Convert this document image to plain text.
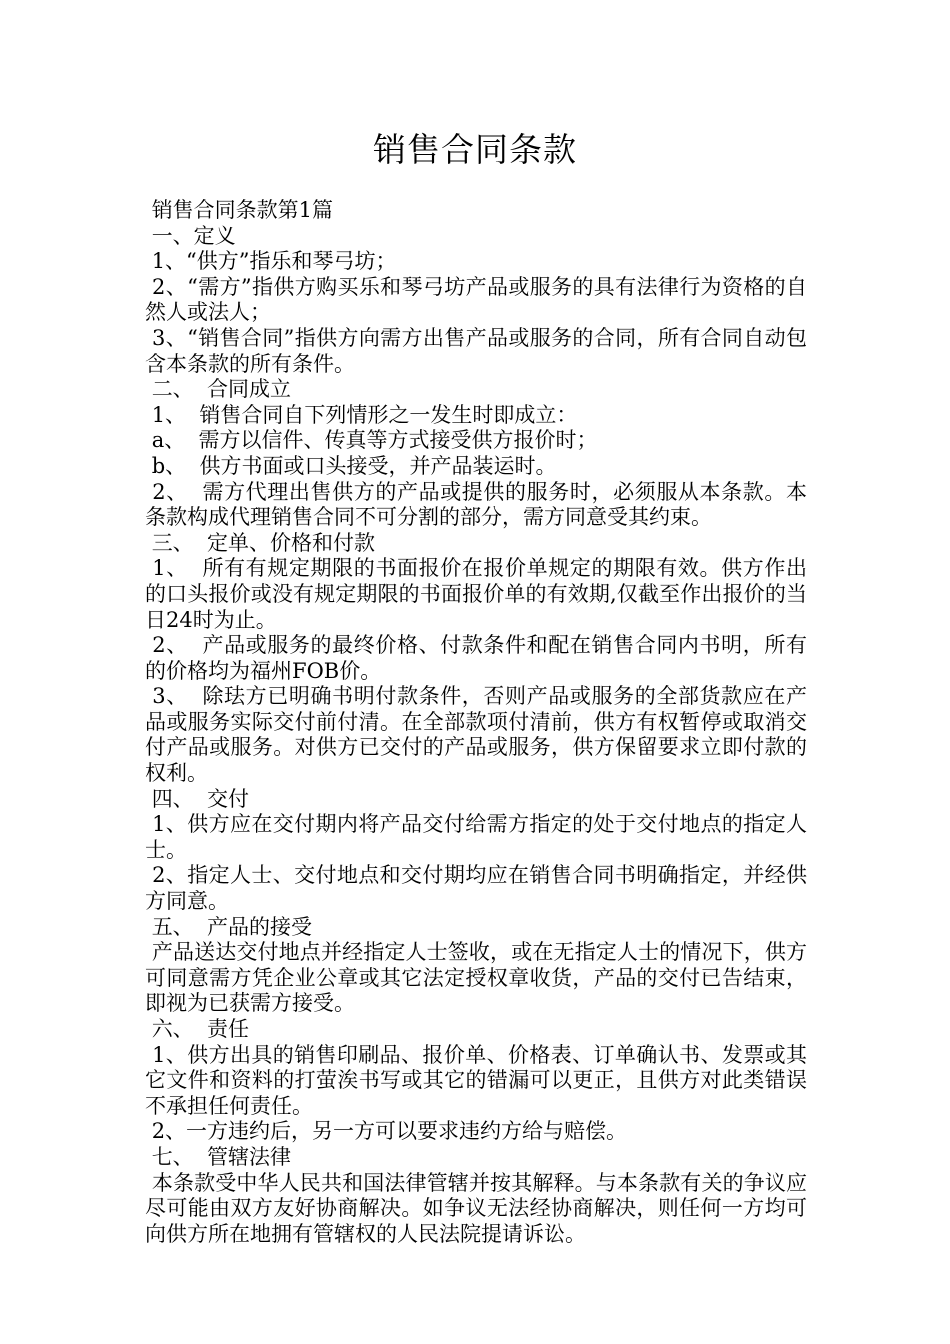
销售合同条款

销售合同条款第1篇

一、定义

1、“供方”指乐和琴弓坊；

2、“需方”指供方购买乐和琴弓坊产品或服务的具有法律行为资格的自然人或法人；

3、“销售合同”指供方向需方出售产品或服务的合同，所有合同自动包含本条款的所有条件。

二、  合同成立

1、  销售合同自下列情形之一发生时即成立：

a、  需方以信件、传真等方式接受供方报价时；

b、  供方书面或口头接受，并产品装运时。

2、  需方代理出售供方的产品或提供的服务时，必须服从本条款。本条款构成代理销售合同不可分割的部分，需方同意受其约束。

三、  定单、价格和付款

1、  所有有规定期限的书面报价在报价单规定的期限有效。供方作出的口头报价或没有规定期限的书面报价单的有效期,仅截至作出报价的当日24时为止。

2、  产品或服务的最终价格、付款条件和配在销售合同内书明，所有的价格均为福州FOB价。

3、  除珐方已明确书明付款条件，否则产品或服务的全部货款应在产品或服务实际交付前付清。在全部款项付清前，供方有权暂停或取消交付产品或服务。对供方已交付的产品或服务，供方保留要求立即付款的权利。

四、  交付

1、供方应在交付期内将产品交付给需方指定的处于交付地点的指定人士。

2、指定人士、交付地点和交付期均应在销售合同书明确指定，并经供方同意。

五、  产品的接受

产品送达交付地点并经指定人士签收，或在无指定人士的情况下，供方可同意需方凭企业公章或其它法定授权章收货，产品的交付已告结束，即视为已获需方接受。

六、  责任

1、供方出具的销售印刷品、报价单、价格表、订单确认书、发票或其它文件和资料的打萤涘书写或其它的错漏可以更正，且供方对此类错误不承担任何责任。

2、一方违约后，另一方可以要求违约方给与赔偿。

七、  管辖法律

本条款受中华人民共和国法律管辖并按其解释。与本条款有关的争议应尽可能由双方友好协商解决。如争议无法经协商解决，则任何一方均可向供方所在地拥有管辖权的人民法院提请诉讼。
